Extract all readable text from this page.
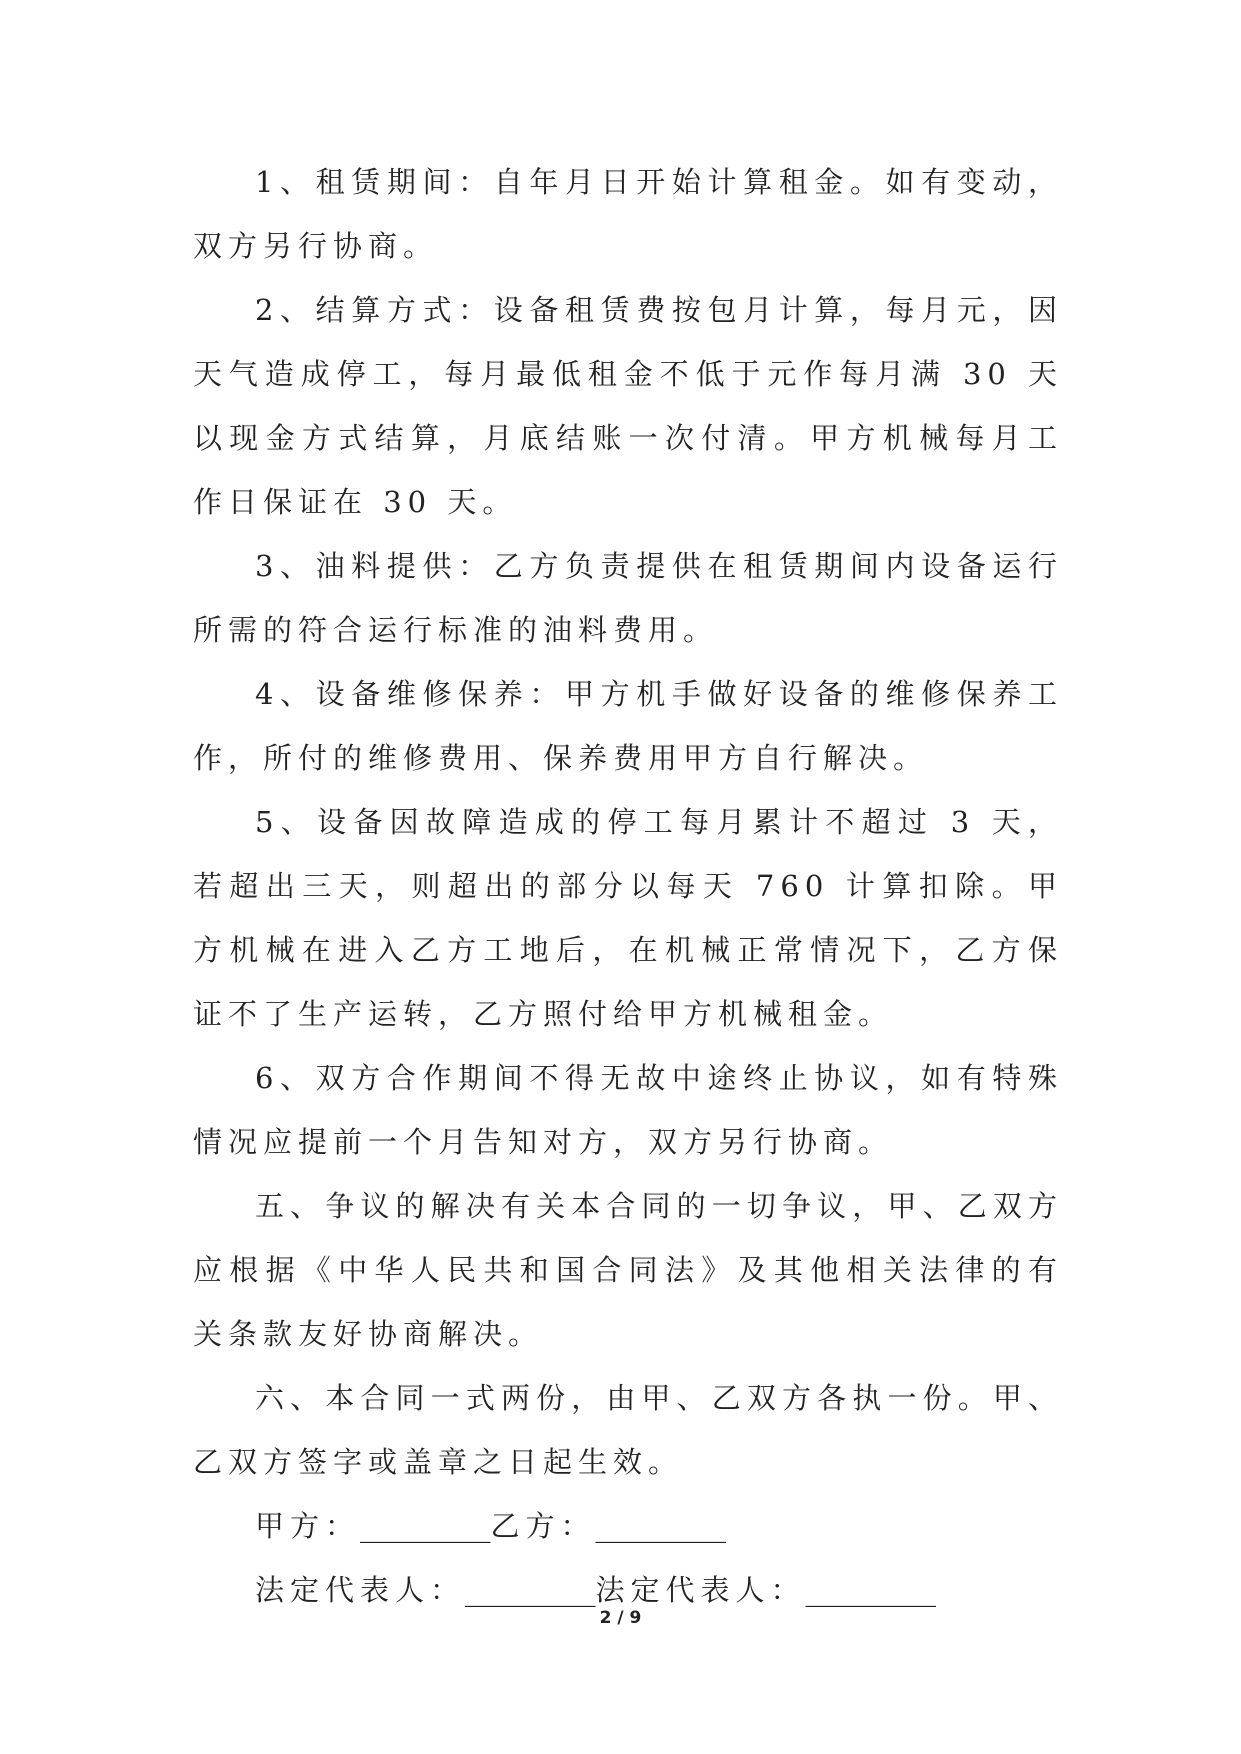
1、租赁期间：自年月日开始计算租金。如有变动，双方另行协商。

2、结算方式：设备租赁费按包月计算，每月元，因天气造成停工，每月最低租金不低于元作每月满 30 天以现金方式结算，月底结账一次付清。甲方机械每月工作日保证在 30 天。

3、油料提供：乙方负责提供在租赁期间内设备运行所需的符合运行标准的油料费用。

4、设备维修保养：甲方机手做好设备的维修保养工作，所付的维修费用、保养费用甲方自行解决。

5、设备因故障造成的停工每月累计不超过 3 天，若超出三天，则超出的部分以每天 760 计算扣除。甲方机械在进入乙方工地后，在机械正常情况下，乙方保证不了生产运转，乙方照付给甲方机械租金。

6、双方合作期间不得无故中途终止协议，如有特殊情况应提前一个月告知对方，双方另行协商。

五、争议的解决有关本合同的一切争议，甲、乙双方应根据《中华人民共和国合同法》及其他相关法律的有关条款友好协商解决。

六、本合同一式两份，由甲、乙双方各执一份。甲、乙双方签字或盖章之日起生效。

甲方：_________乙方：_________

法定代表人：_________法定代表人：_________

2 / 9
